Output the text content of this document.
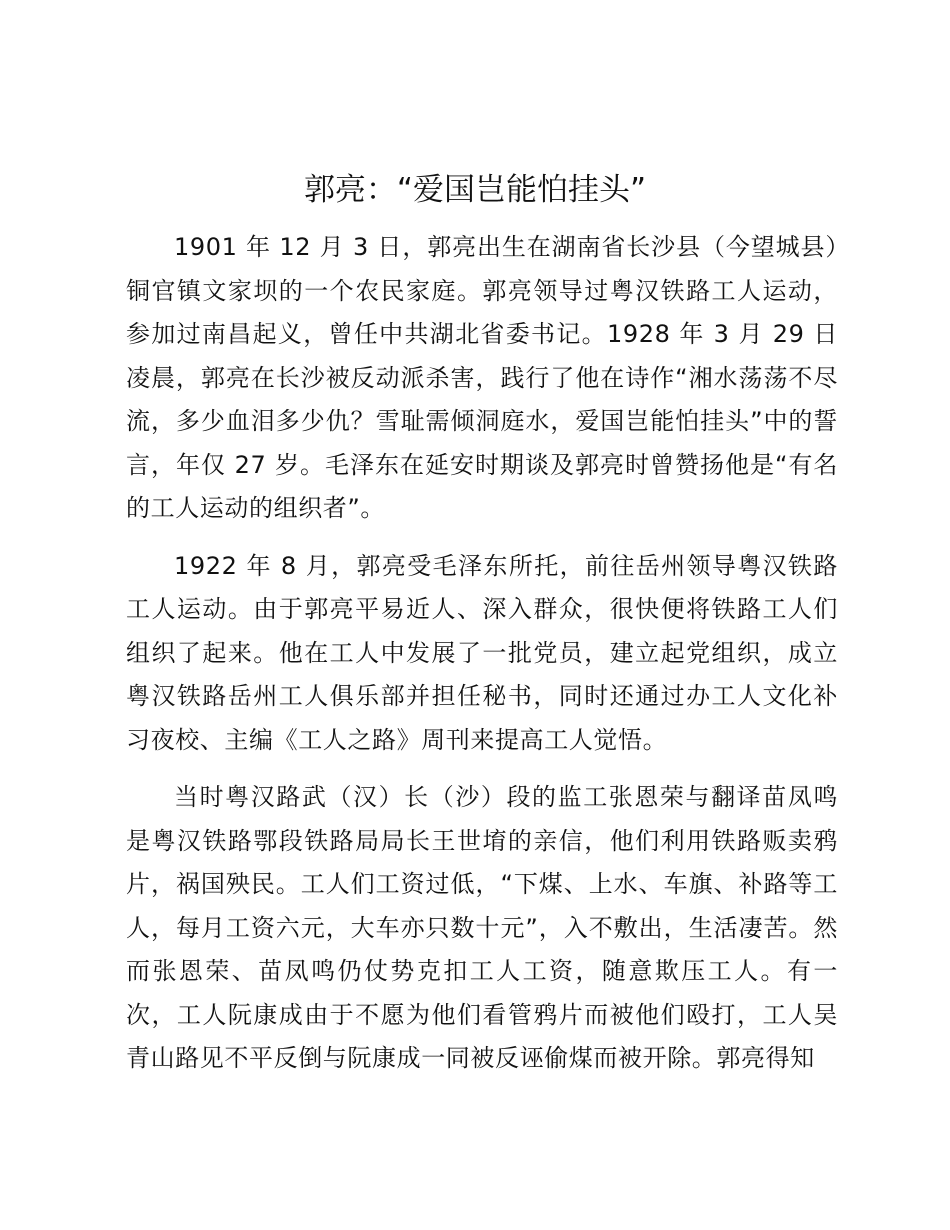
郭亮：“爱国岂能怕挂头”

1901 年 12 月 3 日，郭亮出生在湖南省长沙县（今望城县）铜官镇文家坝的一个农民家庭。郭亮领导过粤汉铁路工人运动，参加过南昌起义，曾任中共湖北省委书记。1928 年 3 月 29 日凌晨，郭亮在长沙被反动派杀害，践行了他在诗作“湘水荡荡不尽流，多少血泪多少仇？雪耻需倾洞庭水，爱国岂能怕挂头”中的誓言，年仅 27 岁。毛泽东在延安时期谈及郭亮时曾赞扬他是“有名的工人运动的组织者”。

1922 年 8 月，郭亮受毛泽东所托，前往岳州领导粤汉铁路工人运动。由于郭亮平易近人、深入群众，很快便将铁路工人们组织了起来。他在工人中发展了一批党员，建立起党组织，成立粤汉铁路岳州工人俱乐部并担任秘书，同时还通过办工人文化补习夜校、主编《工人之路》周刊来提高工人觉悟。

当时粤汉路武（汉）长（沙）段的监工张恩荣与翻译苗凤鸣是粤汉铁路鄂段铁路局局长王世堉的亲信，他们利用铁路贩卖鸦片，祸国殃民。工人们工资过低，“下煤、上水、车旗、补路等工人，每月工资六元，大车亦只数十元”，入不敷出，生活凄苦。然而张恩荣、苗凤鸣仍仗势克扣工人工资，随意欺压工人。有一次，工人阮康成由于不愿为他们看管鸦片而被他们殴打，工人吴青山路见不平反倒与阮康成一同被反诬偷煤而被开除。郭亮得知
